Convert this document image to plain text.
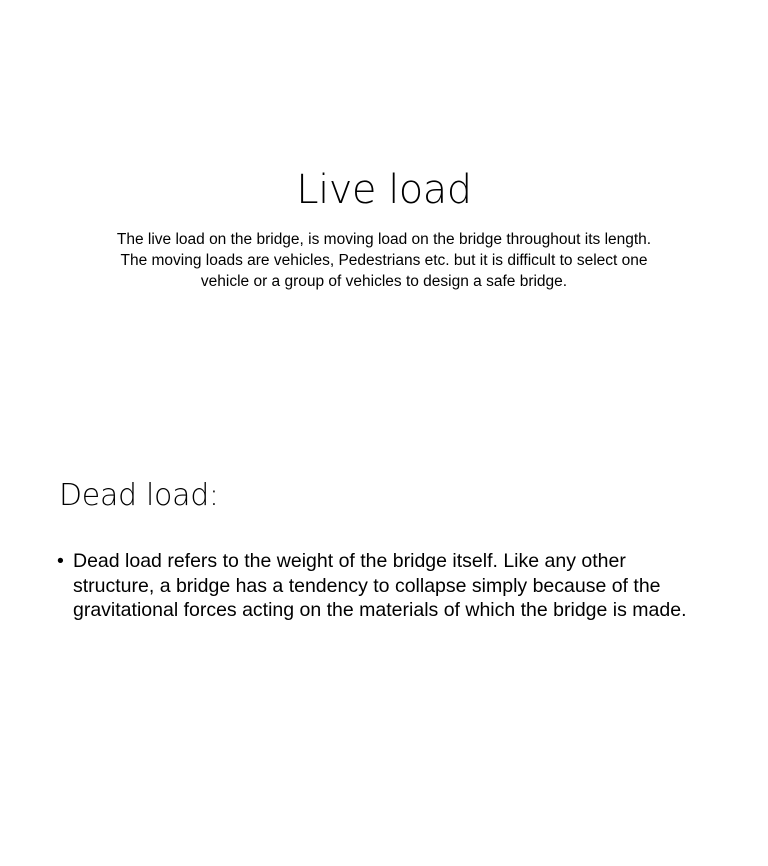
Live load

The live load on the bridge, is moving load on the bridge throughout its length. The moving loads are vehicles, Pedestrians etc. but it is difficult to select one vehicle or a group of vehicles to design a safe bridge.

Dead load:
• Dead load refers to the weight of the bridge itself. Like any other structure, a bridge has a tendency to collapse simply because of the gravitational forces acting on the materials of which the bridge is made.
